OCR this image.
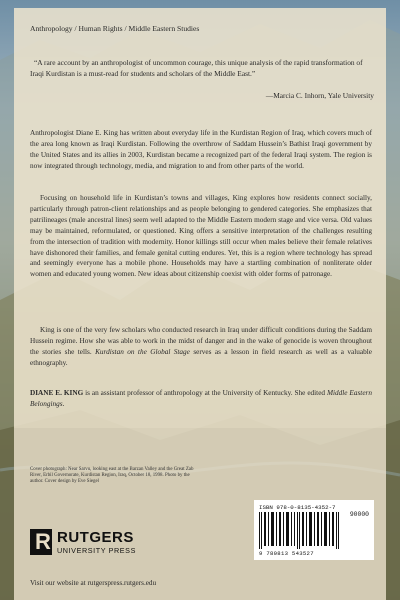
Anthropology / Human Rights / Middle Eastern Studies
“A rare account by an anthropologist of uncommon courage, this unique analysis of the rapid transformation of Iraqi Kurdistan is a must-read for students and scholars of the Middle East.”
—Marcia C. Inhorn, Yale University

Anthropologist Diane E. King has written about everyday life in the Kurdistan Region of Iraq, which covers much of the area long known as Iraqi Kurdistan. Following the overthrow of Saddam Hussein’s Bathist Iraqi government by the United States and its allies in 2003, Kurdistan became a recognized part of the federal Iraqi system. The region is now integrated through technology, media, and migration to and from other parts of the world.

Focusing on household life in Kurdistan’s towns and villages, King explores how residents connect socially, particularly through patron-client relationships and as people belonging to gendered categories. She emphasizes that patrilineages (male ancestral lines) seem well adapted to the Middle Eastern modern stage and vice versa. Old values may be maintained, reformulated, or questioned. King offers a sensitive interpretation of the challenges resulting from the intersection of tradition with modernity. Honor killings still occur when males believe their female relatives have dishonored their families, and female genital cutting endures. Yet, this is a region where technology has spread and seemingly everyone has a mobile phone. Households may have a startling combination of nonliterate older women and educated young women. New ideas about citizenship coexist with older forms of patronage.

King is one of the very few scholars who conducted research in Iraq under difficult conditions during the Saddam Hussein regime. How she was able to work in the midst of danger and in the wake of genocide is woven throughout the stories she tells. Kurdistan on the Global Stage serves as a lesson in field research as well as a valuable ethnography.

DIANE E. KING is an assistant professor of anthropology at the University of Kentucky. She edited Middle Eastern Belongings.

Cover photograph: Near Sarvu, looking east at the Barzan Valley and the Great Zab River, Erbil Governorate, Kurdistan Region, Iraq, October 18, 1998. Photo by the author. Cover design by Eve Siegel
ISBN 978-0-8135-4352-7
90000
9 780813 543527
R RUTGERS
UNIVERSITY PRESS
Visit our website at rutgerspress.rutgers.edu
